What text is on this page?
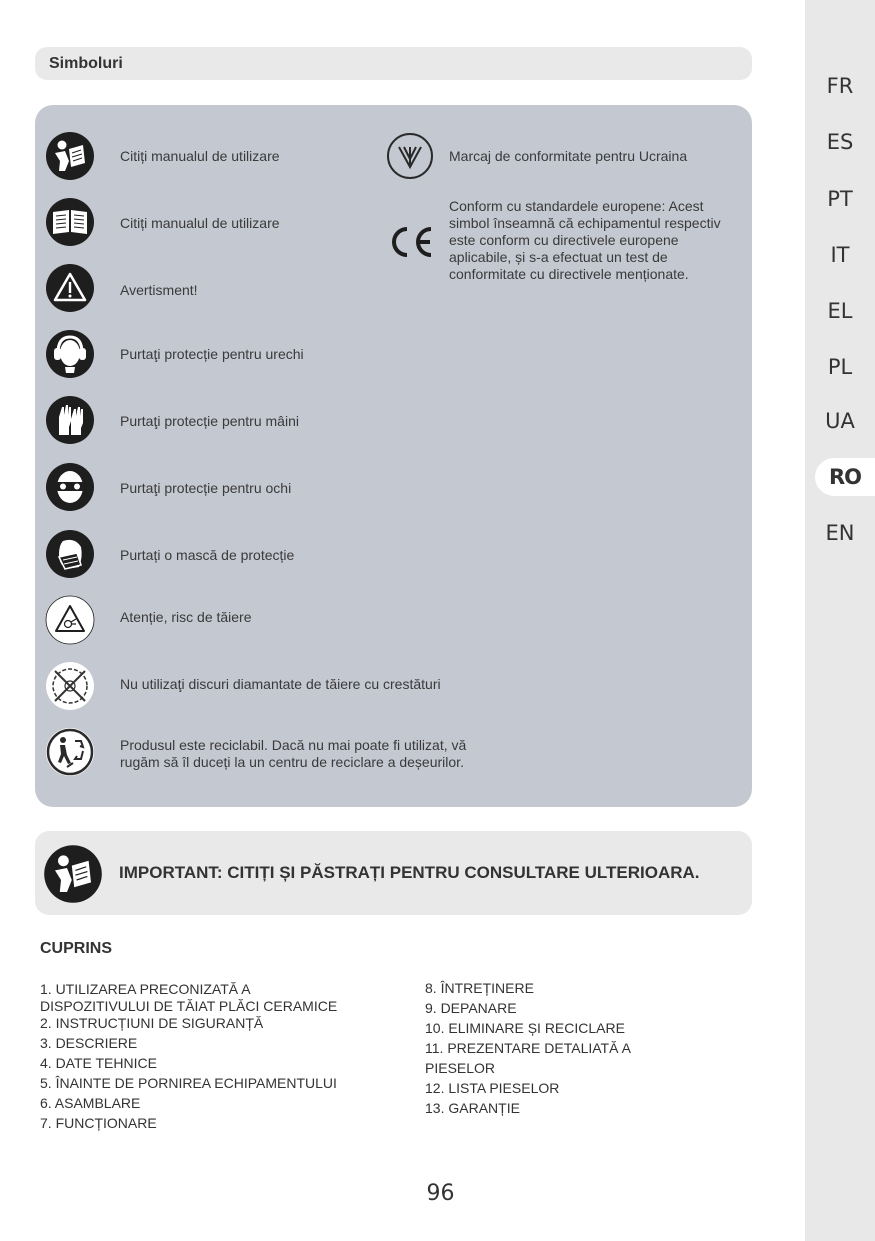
FR
ES
PT
IT
EL
PL
UA
RO
EN
Simboluri
Citiți manualul de utilizare
Citiți manualul de utilizare
Avertisment!
Purtaţi protecție pentru urechi
Purtaţi protecție pentru mâini
Purtaţi protecție pentru ochi
Purtați o mască de protecție
Atenție, risc de tăiere
Nu utilizaţi discuri diamantate de tăiere cu crestături
Produsul este reciclabil. Dacă nu mai poate fi utilizat, vă
rugăm să îl duceți la un centru de reciclare a deșeurilor.
Marcaj de conformitate pentru Ucraina
Conform cu standardele europene: Acest
simbol înseamnă că echipamentul respectiv
este conform cu directivele europene
aplicabile, și s-a efectuat un test de
conformitate cu directivele menționate.
IMPORTANT: CITIȚI ȘI PĂSTRAȚI PENTRU CONSULTARE ULTERIOARA.
CUPRINS
1. UTILIZAREA PRECONIZATĂ A
DISPOZITIVULUI DE TĂIAT PLĂCI CERAMICE
2. INSTRUCȚIUNI DE SIGURANȚĂ
3. DESCRIERE
4. DATE TEHNICE
5. ÎNAINTE DE PORNIREA ECHIPAMENTULUI
6. ASAMBLARE
7. FUNCȚIONARE
8. ÎNTREȚINERE
9. DEPANARE
10. ELIMINARE ȘI RECICLARE
11. PREZENTARE DETALIATĂ A
PIESELOR
12. LISTA PIESELOR
13. GARANȚIE
96
